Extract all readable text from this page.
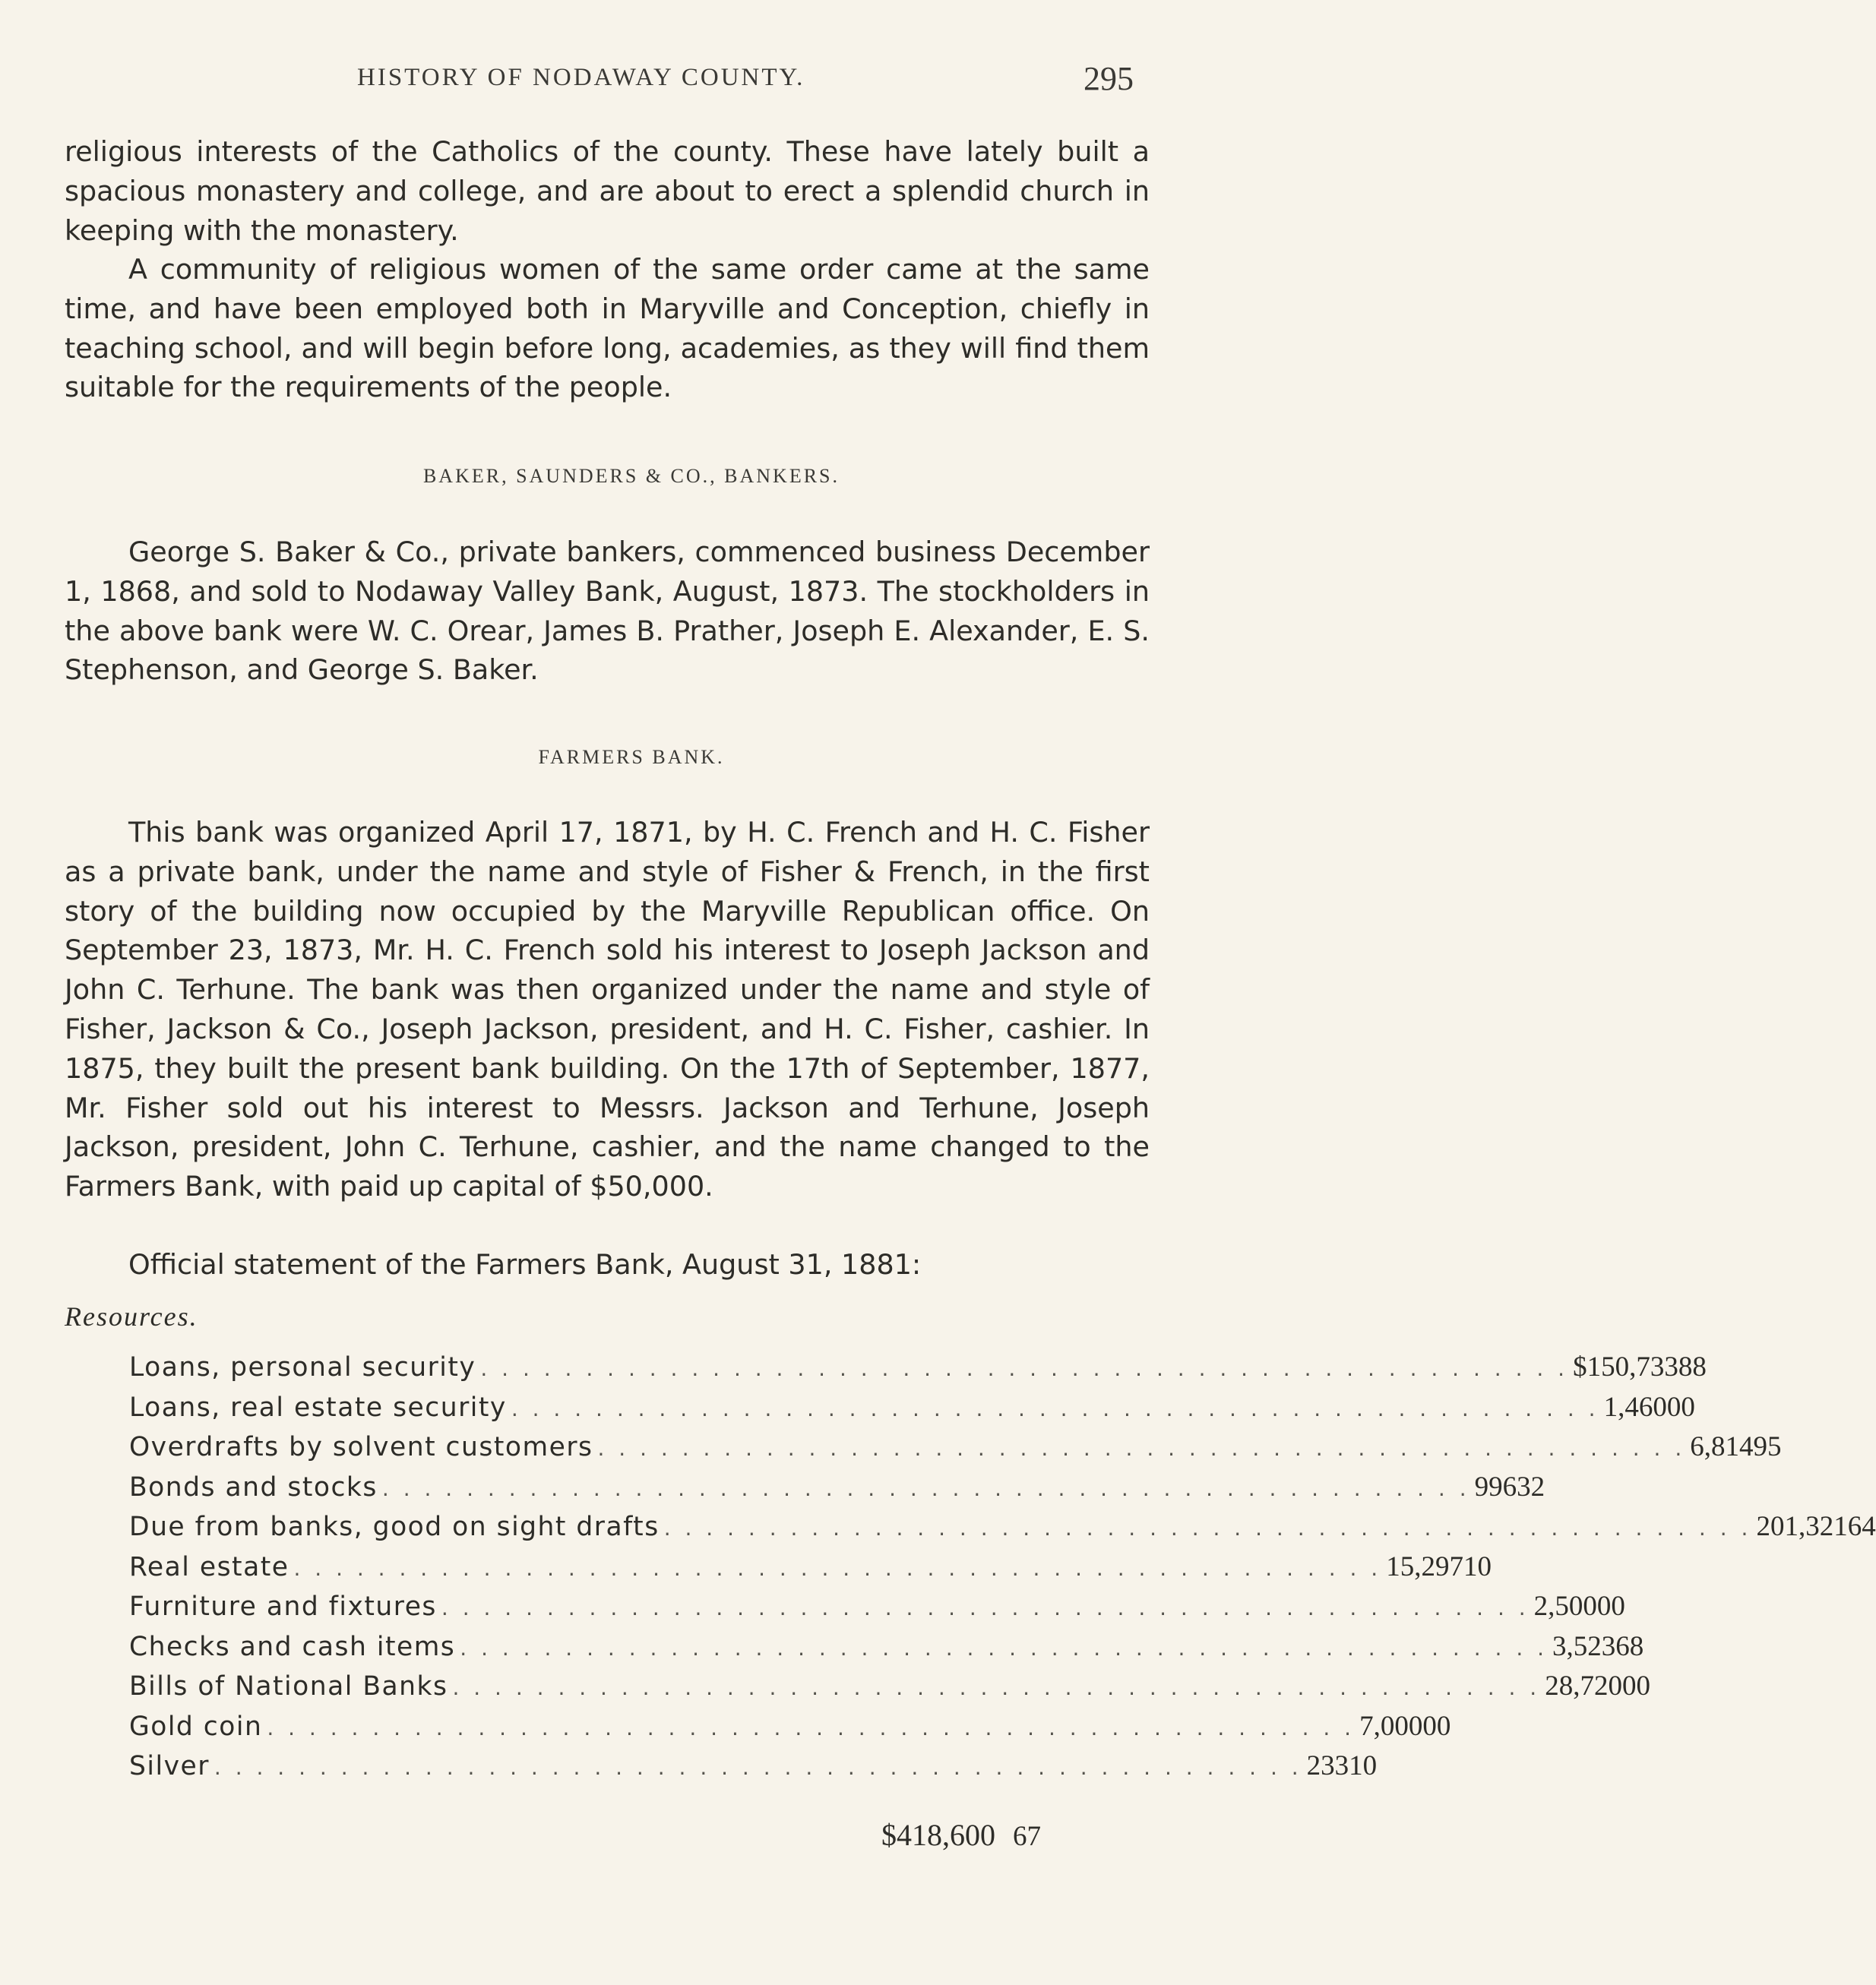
HISTORY OF NODAWAY COUNTY.	295

religious interests of the Catholics of the county. These have lately built a spacious monastery and college, and are about to erect a splendid church in keeping with the monastery.

A community of religious women of the same order came at the same time, and have been employed both in Maryville and Conception, chiefly in teaching school, and will begin before long, academies, as they will find them suitable for the requirements of the people.

BAKER, SAUNDERS & CO., BANKERS.

George S. Baker & Co., private bankers, commenced business December 1, 1868, and sold to Nodaway Valley Bank, August, 1873. The stockholders in the above bank were W. C. Orear, James B. Prather, Joseph E. Alexander, E. S. Stephenson, and George S. Baker.

FARMERS BANK.

This bank was organized April 17, 1871, by H. C. French and H. C. Fisher as a private bank, under the name and style of Fisher & French, in the first story of the building now occupied by the Maryville Republican office. On September 23, 1873, Mr. H. C. French sold his interest to Joseph Jackson and John C. Terhune. The bank was then organized under the name and style of Fisher, Jackson & Co., Joseph Jackson, president, and H. C. Fisher, cashier. In 1875, they built the present bank building. On the 17th of September, 1877, Mr. Fisher sold out his interest to Messrs. Jackson and Terhune, Joseph Jackson, president, John C. Terhune, cashier, and the name changed to the Farmers Bank, with paid up capital of $50,000.

Official statement of the Farmers Bank, August 31, 1881:

Resources.
Loans, personal security . . . . . . . . . . . . . . . . . . . . . . . . . . . . . . . . . . . . . . . . . . . . . . . . . . . . $150,733 88
Loans, real estate security . . . . . . . . . . . . . . . . . . . . . . . . . . . . . . . . . . . . . . . . . . . . . . . . . . . . 1,460 00
Overdrafts by solvent customers . . . . . . . . . . . . . . . . . . . . . . . . . . . . . . . . . . . . . . . . . . . . . . . . . . . . 6,814 95
Bonds and stocks . . . . . . . . . . . . . . . . . . . . . . . . . . . . . . . . . . . . . . . . . . . . . . . . . . . . 996 32
Due from banks, good on sight drafts . . . . . . . . . . . . . . . . . . . . . . . . . . . . . . . . . . . . . . . . . . . . . . . . . . . . 201,321 64
Real estate . . . . . . . . . . . . . . . . . . . . . . . . . . . . . . . . . . . . . . . . . . . . . . . . . . . . 15,297 10
Furniture and fixtures . . . . . . . . . . . . . . . . . . . . . . . . . . . . . . . . . . . . . . . . . . . . . . . . . . . . 2,500 00
Checks and cash items . . . . . . . . . . . . . . . . . . . . . . . . . . . . . . . . . . . . . . . . . . . . . . . . . . . . 3,523 68
Bills of National Banks . . . . . . . . . . . . . . . . . . . . . . . . . . . . . . . . . . . . . . . . . . . . . . . . . . . . 28,720 00
Gold coin . . . . . . . . . . . . . . . . . . . . . . . . . . . . . . . . . . . . . . . . . . . . . . . . . . . . 7,000 00
Silver . . . . . . . . . . . . . . . . . . . . . . . . . . . . . . . . . . . . . . . . . . . . . . . . . . . . 233 10
$418,600 67
